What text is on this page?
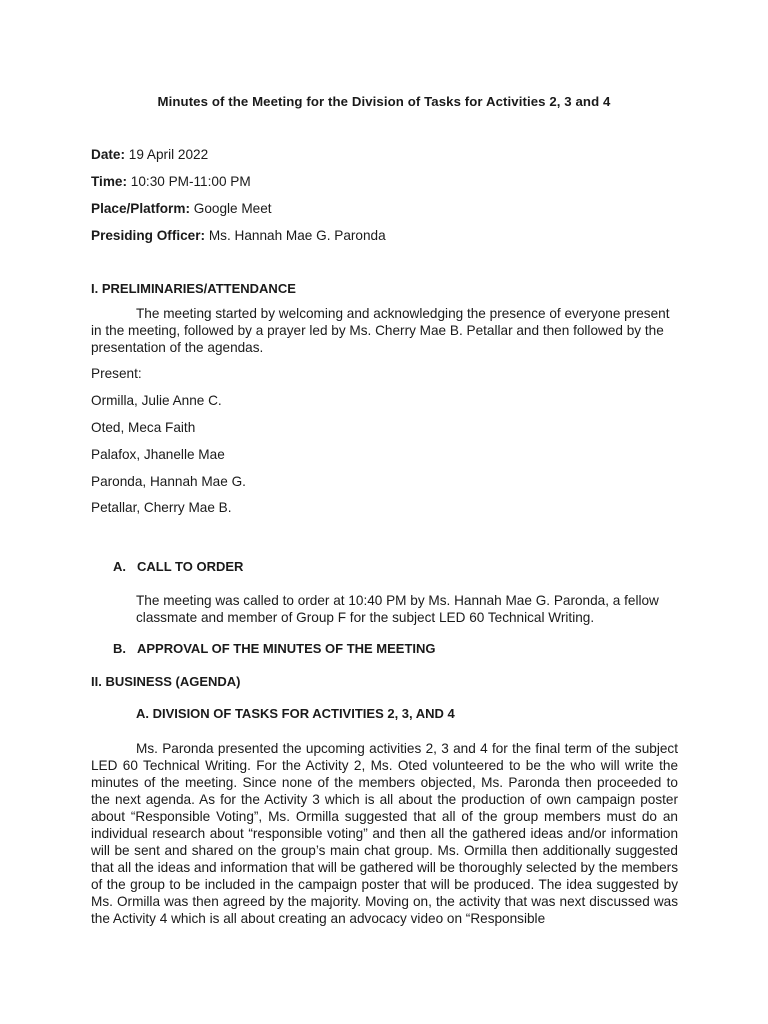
Minutes of the Meeting for the Division of Tasks for Activities 2, 3 and 4
Date: 19 April 2022
Time: 10:30 PM-11:00 PM
Place/Platform: Google Meet
Presiding Officer: Ms. Hannah Mae G. Paronda
I. PRELIMINARIES/ATTENDANCE
The meeting started by welcoming and acknowledging the presence of everyone present in the meeting, followed by a prayer led by Ms. Cherry Mae B. Petallar and then followed by the presentation of the agendas.
Present:
Ormilla, Julie Anne C.
Oted, Meca Faith
Palafox, Jhanelle Mae
Paronda, Hannah Mae G.
Petallar, Cherry Mae B.
A. CALL TO ORDER
The meeting was called to order at 10:40 PM by Ms. Hannah Mae G. Paronda, a fellow classmate and member of Group F for the subject LED 60 Technical Writing.
B. APPROVAL OF THE MINUTES OF THE MEETING
II. BUSINESS (AGENDA)
A. DIVISION OF TASKS FOR ACTIVITIES 2, 3, AND 4
Ms. Paronda presented the upcoming activities 2, 3 and 4 for the final term of the subject LED 60 Technical Writing. For the Activity 2, Ms. Oted volunteered to be the who will write the minutes of the meeting. Since none of the members objected, Ms. Paronda then proceeded to the next agenda. As for the Activity 3 which is all about the production of own campaign poster about “Responsible Voting”, Ms. Ormilla suggested that all of the group members must do an individual research about “responsible voting” and then all the gathered ideas and/or information will be sent and shared on the group’s main chat group. Ms. Ormilla then additionally suggested that all the ideas and information that will be gathered will be thoroughly selected by the members of the group to be included in the campaign poster that will be produced. The idea suggested by Ms. Ormilla was then agreed by the majority. Moving on, the activity that was next discussed was the Activity 4 which is all about creating an advocacy video on “Responsible
